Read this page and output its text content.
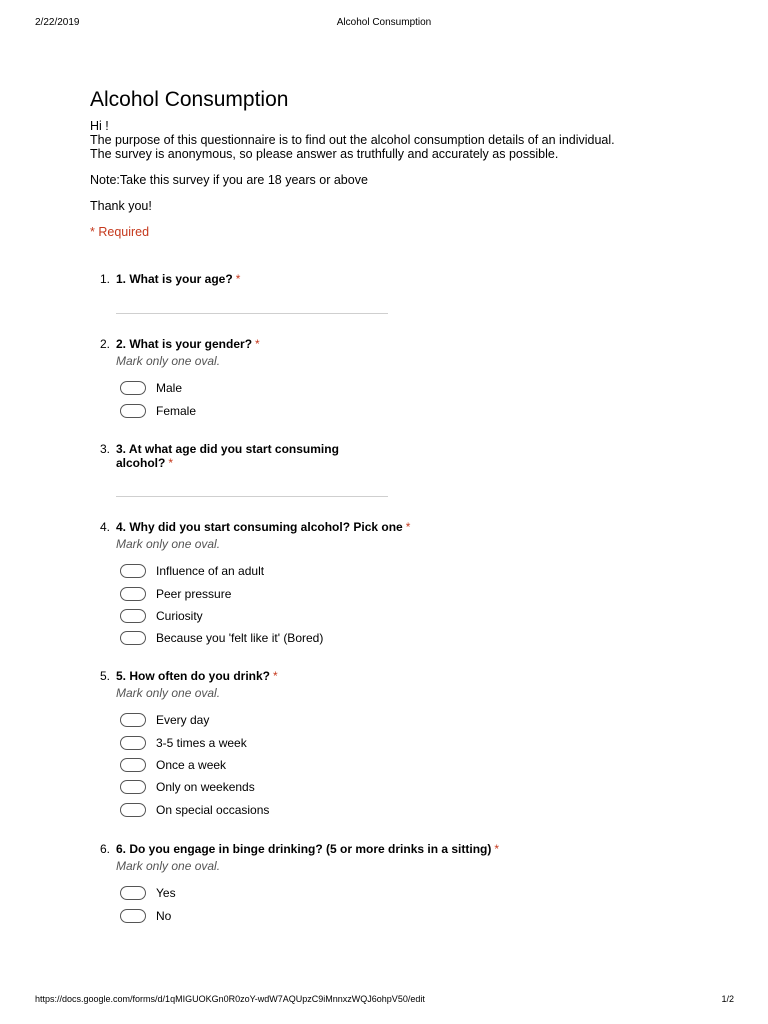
2/22/2019	Alcohol Consumption
Alcohol Consumption

Hi !

The purpose of this questionnaire is to find out the alcohol consumption details of an individual.

The survey is anonymous, so please answer as truthfully and accurately as possible.

Note:Take this survey if you are 18 years or above

Thank you!

* Required
1. 1. What is your age? *
2. 2. What is your gender? *
Mark only one oval.
Male
Female
3. 3. At what age did you start consuming
alcohol? *
4. 4. Why did you start consuming alcohol? Pick one *
Mark only one oval.
Influence of an adult
Peer pressure
Curiosity
Because you 'felt like it' (Bored)
5. 5. How often do you drink? *
Mark only one oval.
Every day
3-5 times a week
Once a week
Only on weekends
On special occasions
6. 6. Do you engage in binge drinking? (5 or more drinks in a sitting) *
Mark only one oval.
Yes
No
https://docs.google.com/forms/d/1qMIGUOKGn0R0zoY-wdW7AQUpzC9iMnnxzWQJ6ohpV50/edit	1/2
